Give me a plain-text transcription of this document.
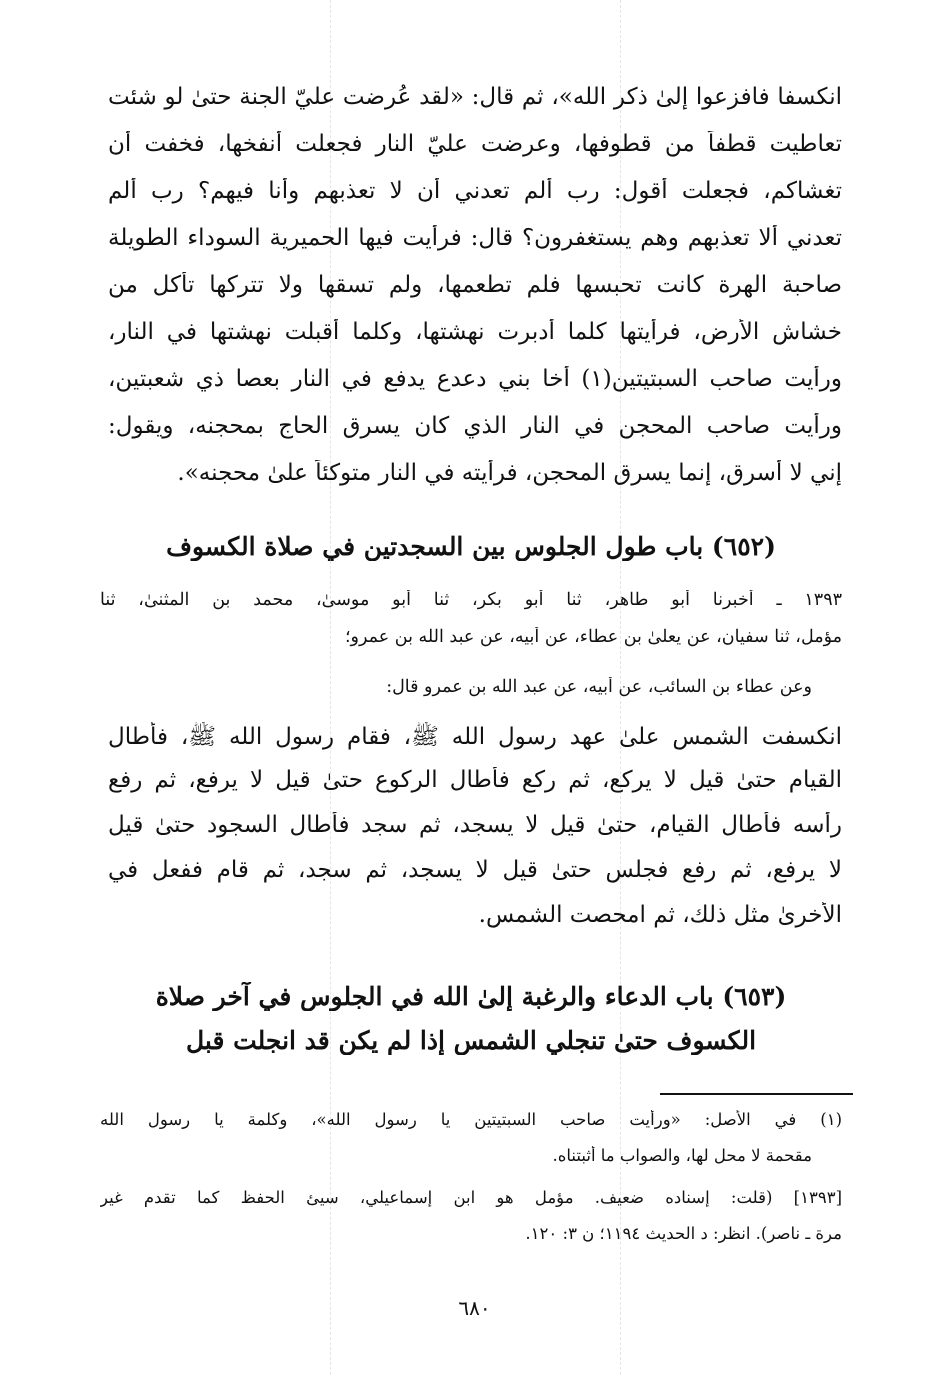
انكسفا فافزعوا إلىٰ ذكر الله»، ثم قال: «لقد عُرضت عليّ الجنة حتىٰ لو شئت
تعاطيت قطفاً من قطوفها، وعرضت عليّ النار فجعلت أنفخها، فخفت أن
تغشاكم، فجعلت أقول: رب ألم تعدني أن لا تعذبهم وأنا فيهم؟ رب ألم
تعدني ألا تعذبهم وهم يستغفرون؟ قال: فرأيت فيها الحميرية السوداء الطويلة
صاحبة الهرة كانت تحبسها فلم تطعمها، ولم تسقها ولا تتركها تأكل من
خشاش الأرض، فرأيتها كلما أدبرت نهشتها، وكلما أقبلت نهشتها في النار،
ورأيت صاحب السبتيتين(١) أخا بني دعدع يدفع في النار بعصا ذي شعبتين،
ورأيت صاحب المحجن في النار الذي كان يسرق الحاج بمحجنه، ويقول:
إني لا أسرق، إنما يسرق المحجن، فرأيته في النار متوكئاً علىٰ محجنه».
(٦٥٢) باب طول الجلوس بين السجدتين في صلاة الكسوف
١٣٩٣ ـ أخبرنا أبو طاهر، ثنا أبو بكر، ثنا أبو موسىٰ، محمد بن المثنىٰ، ثنا
مؤمل، ثنا سفيان، عن يعلىٰ بن عطاء، عن أبيه، عن عبد الله بن عمرو؛
وعن عطاء بن السائب، عن أبيه، عن عبد الله بن عمرو قال:
انكسفت الشمس علىٰ عهد رسول الله ﷺ، فقام رسول الله ﷺ، فأطال
القيام حتىٰ قيل لا يركع، ثم ركع فأطال الركوع حتىٰ قيل لا يرفع، ثم رفع
رأسه فأطال القيام، حتىٰ قيل لا يسجد، ثم سجد فأطال السجود حتىٰ قيل
لا يرفع، ثم رفع فجلس حتىٰ قيل لا يسجد، ثم سجد، ثم قام ففعل في
الأخرىٰ مثل ذلك، ثم امحصت الشمس.
(٦٥٣) باب الدعاء والرغبة إلىٰ الله في الجلوس في آخر صلاة
الكسوف حتىٰ تنجلي الشمس إذا لم يكن قد انجلت قبل
(١) في الأصل: «ورأيت صاحب السبتيتين يا رسول الله»، وكلمة يا رسول الله
مقحمة لا محل لها، والصواب ما أثبتناه.
[١٣٩٣] (قلت: إسناده ضعيف. مؤمل هو ابن إسماعيلي، سيئ الحفظ كما تقدم غير
مرة ـ ناصر). انظر: د الحديث ١١٩٤؛ ن ٣: ١٢٠.
٦٨٠
